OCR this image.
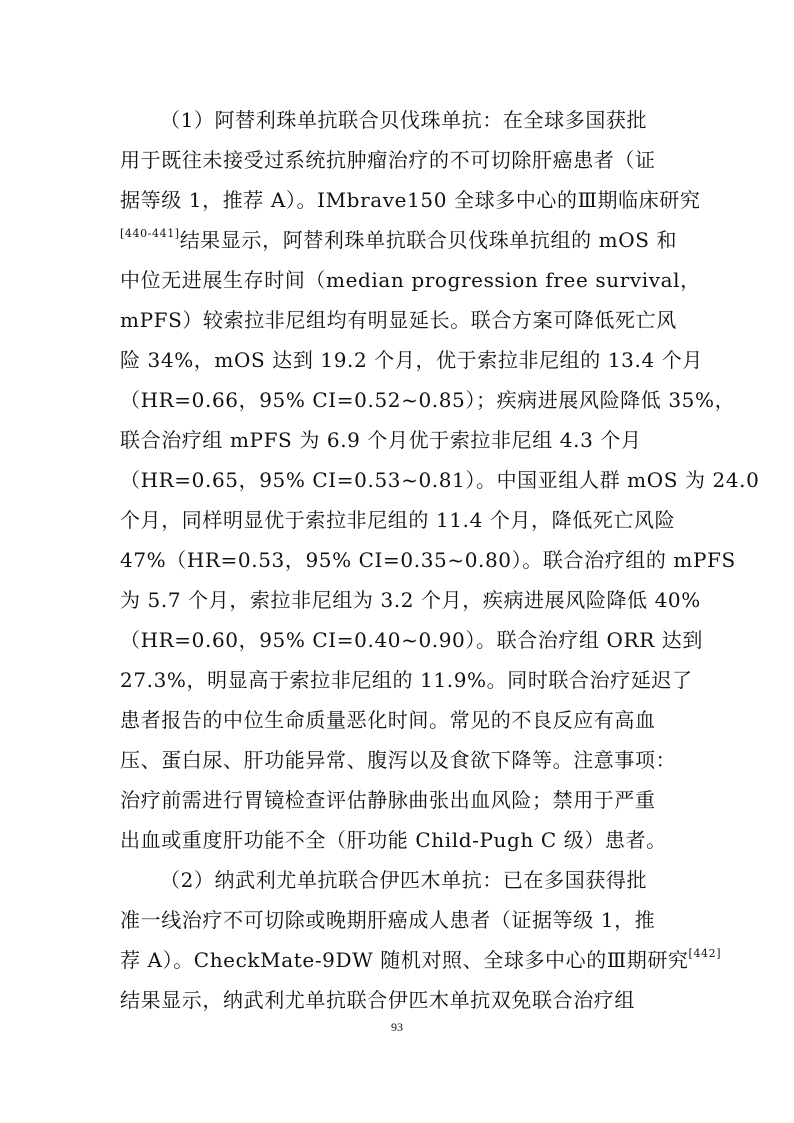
（1）阿替利珠单抗联合贝伐珠单抗：在全球多国获批
用于既往未接受过系统抗肿瘤治疗的不可切除肝癌患者（证
据等级 1，推荐 A）。IMbrave150 全球多中心的Ⅲ期临床研究
[440-441]结果显示，阿替利珠单抗联合贝伐珠单抗组的 mOS 和
中位无进展生存时间（median progression free survival，
mPFS）较索拉非尼组均有明显延长。联合方案可降低死亡风
险 34%，mOS 达到 19.2 个月，优于索拉非尼组的 13.4 个月
（HR=0.66，95% CI=0.52~0.85）；疾病进展风险降低 35%，
联合治疗组 mPFS 为 6.9 个月优于索拉非尼组 4.3 个月
（HR=0.65，95% CI=0.53~0.81）。中国亚组人群 mOS 为 24.0
个月，同样明显优于索拉非尼组的 11.4 个月，降低死亡风险
47%（HR=0.53，95% CI=0.35~0.80）。联合治疗组的 mPFS
为 5.7 个月，索拉非尼组为 3.2 个月，疾病进展风险降低 40%
（HR=0.60，95% CI=0.40~0.90）。联合治疗组 ORR 达到
27.3%，明显高于索拉非尼组的 11.9%。同时联合治疗延迟了
患者报告的中位生命质量恶化时间。常见的不良反应有高血
压、蛋白尿、肝功能异常、腹泻以及食欲下降等。注意事项：
治疗前需进行胃镜检查评估静脉曲张出血风险；禁用于严重
出血或重度肝功能不全（肝功能 Child-Pugh C 级）患者。
（2）纳武利尤单抗联合伊匹木单抗：已在多国获得批
准一线治疗不可切除或晚期肝癌成人患者（证据等级 1，推
荐 A）。CheckMate-9DW 随机对照、全球多中心的Ⅲ期研究[442]
结果显示，纳武利尤单抗联合伊匹木单抗双免联合治疗组
93
